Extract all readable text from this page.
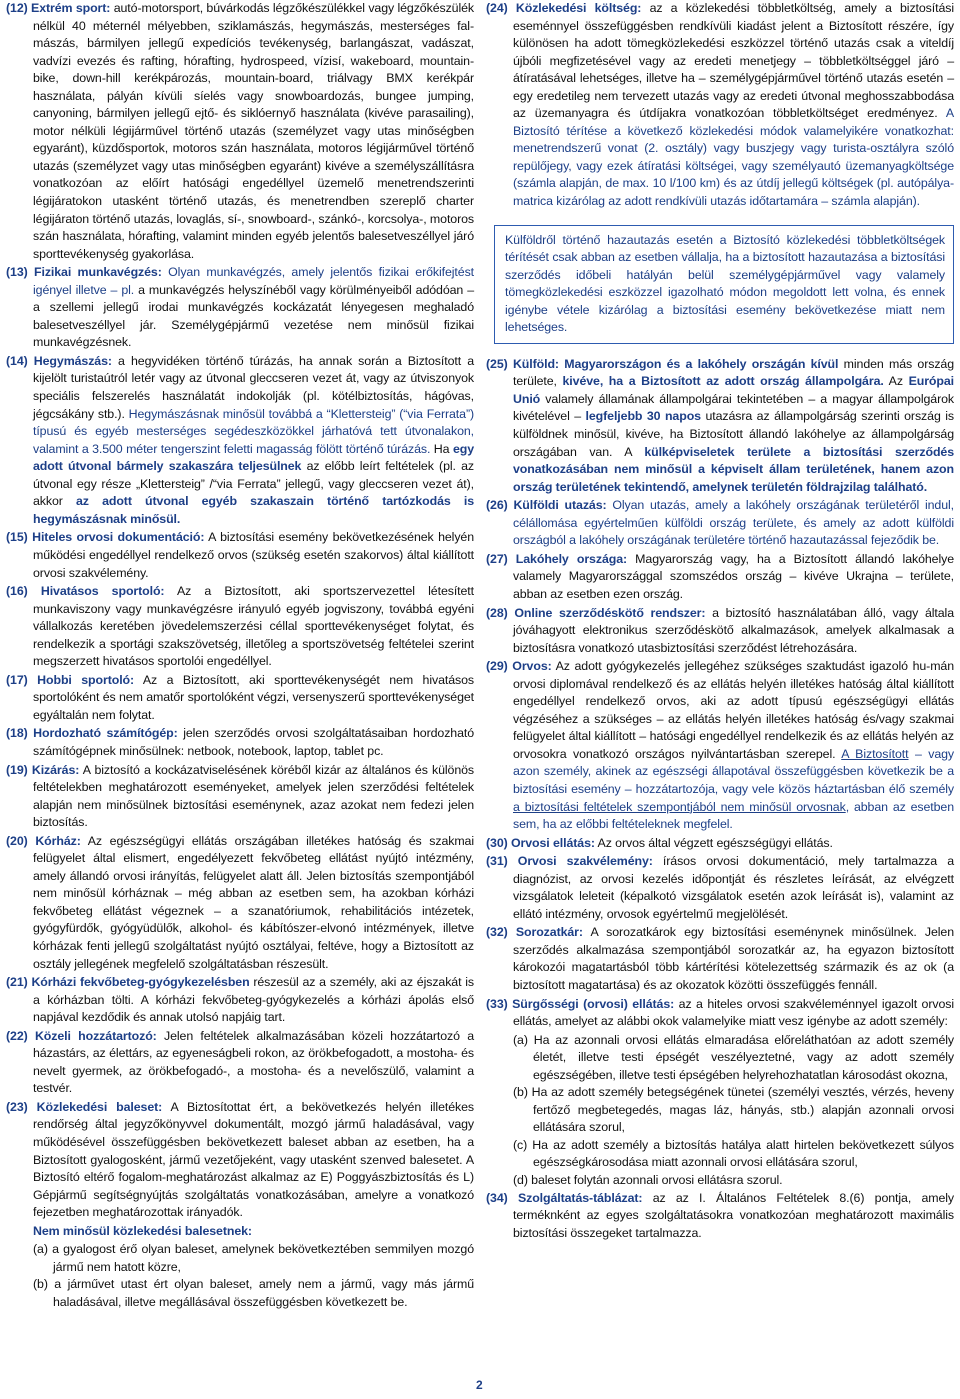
(12) Extrém sport: autó-motorsport, búvárkodás légzőkészülékkel vagy légzőkészülék nélkül 40 méternél mélyebben, sziklamászás, hegymászás, mesterséges fal-mászás, bármilyen jellegű expedíciós tevékenység, barlangászat, vadászat, vadvízi evezés és rafting, hórafting, hydrospeed, vízisí, wakeboard, mountain-bike, down-hill kerékpározás, mountain-board, triálvagy BMX kerékpár használata, pályán kívüli síelés vagy snowboardozás, bungee jumping, canyoning, bármilyen jellegű ejtő- és siklóernyő használata (kivéve parasailing), motor nélküli légijárművel történő utazás (személyzet vagy utas minőségben egyaránt), küzdősportok, motoros szán használata, motoros légijárművel történő utazás (személyzet vagy utas minőségben egyaránt) kivéve a személyszállításra vonatkozóan az előírt hatósági engedéllyel üzemelő menetrendszerinti légijáratokon utasként történő utazás, és menetrendben szereplő charter légijáraton történő utazás, lovaglás, sí-, snowboard-, szánkó-, korcsolya-, motoros szán használata, hórafting, valamint minden egyéb jelentős balesetveszéllyel járó sporttevékenység gyakorlása.

(13) Fizikai munkavégzés: Olyan munkavégzés, amely jelentős fizikai erőkifejtést igényel illetve – pl. a munkavégzés helyszínéből vagy körülményeiből adódóan – a szellemi jellegű irodai munkavégzés kockázatát lényegesen meghaladó balesetveszéllyel jár. Személygépjármű vezetése nem minősül fizikai munkavégzésnek.

(14) Hegymászás: a hegyvidéken történő túrázás, ha annak során a Biztosított a kijelölt turistaútról letér vagy az útvonal gleccseren vezet át, vagy az útviszonyok speciális felszerelés használatát indokolják (pl. kötélbiztosítás, hágóvas, jégcsákány stb.). Hegymászásnak minősül továbbá a “Klettersteig” (“via Ferrata”) típusú és egyéb mesterséges segédeszközökkel járhatóvá tett útvonalakon, valamint a 3.500 méter tengerszint feletti magasság fölött történő túrázás. Ha egy adott útvonal bármely szakaszára teljesülnek az előbb leírt feltételek (pl. az útvonal egy része „Klettersteig” /“via Ferrata” jellegű, vagy gleccseren vezet át), akkor az adott útvonal egyéb szakaszain történő tartózkodás is hegymászásnak minősül.

(15) Hiteles orvosi dokumentáció: A biztosítási esemény bekövetkezésének helyén működési engedéllyel rendelkező orvos (szükség esetén szakorvos) által kiállított orvosi szakvélemény.

(16) Hivatásos sportoló: Az a Biztosított, aki sportszervezettel létesített munkaviszony vagy munkavégzésre irányuló egyéb jogviszony, továbbá egyéni vállalkozás keretében jövedelemszerzési céllal sporttevékenységet folytat, és rendelkezik a sportági szakszövetség, illetőleg a sportszövetség feltételei szerint megszerzett hivatásos sportolói engedéllyel.

(17) Hobbi sportoló: Az a Biztosított, aki sporttevékenységét nem hivatásos sportolóként és nem amatőr sportolóként végzi, versenyszerű sporttevékenységet egyáltalán nem folytat.

(18) Hordozható számítógép: jelen szerződés orvosi szolgáltatásaiban hordozható számítógépnek minősülnek: netbook, notebook, laptop, tablet pc.

(19) Kizárás: A biztosító a kockázatviselésének köréből kizár az általános és különös feltételekben meghatározott eseményeket, amelyek jelen szerződési feltételek alapján nem minősülnek biztosítási eseménynek, azaz azokat nem fedezi jelen biztosítás.

(20) Kórház: Az egészségügyi ellátás országában illetékes hatóság és szakmai felügyelet által elismert, engedélyezett fekvőbeteg ellátást nyújtó intézmény, amely állandó orvosi irányítás, felügyelet alatt áll. Jelen biztosítás szempontjából nem minősül kórháznak – még abban az esetben sem, ha azokban kórházi fekvőbeteg ellátást végeznek – a szanatóriumok, rehabilitációs intézetek, gyógyfürdők, gyógyüdülők, alkohol- és kábítószer-elvonó intézmények, illetve kórházak fenti jellegű szolgáltatást nyújtó osztályai, feltéve, hogy a Biztosított az osztály jellegének megfelelő szolgáltatásban részesült.

(21) Kórházi fekvőbeteg-gyógykezelésben részesül az a személy, aki az éjszakát is a kórházban tölti. A kórházi fekvőbeteg-gyógykezelés a kórházi ápolás első napjával kezdődik és annak utolsó napjáig tart.

(22) Közeli hozzátartozó: Jelen feltételek alkalmazásában közeli hozzátartozó a házastárs, az élettárs, az egyeneságbeli rokon, az örökbefogadott, a mostoha- és nevelt gyermek, az örökbefogadó-, a mostoha- és a nevelőszülő, valamint a testvér.

(23) Közlekedési baleset: A Biztosítottat ért, a bekövetkezés helyén illetékes rendőrség által jegyzőkönyvvel dokumentált, mozgó jármű haladásával, vagy működésével összefüggésben bekövetkezett baleset abban az esetben, ha a Biztosított gyalogosként, jármű vezetőjeként, vagy utasként szenved balesetet. A Biztosító eltérő fogalom-meghatározást alkalmaz az E) Poggyászbiztosítás és L) Gépjármű segítségnyújtás szolgáltatás vonatkozásában, amelyre a vonatkozó fejezetben meghatározottak irányadók.

Nem minősül közlekedési balesetnek:

(a) a gyalogost érő olyan baleset, amelynek bekövetkeztében semmilyen mozgó jármű nem hatott közre,

(b) a járművet utast ért olyan baleset, amely nem a jármű, vagy más jármű haladásával, illetve megállásával összefüggésben következett be.

(24) Közlekedési költség: az a közlekedési többletköltség, amely a biztosítási eseménnyel összefüggésben rendkívüli kiadást jelent a Biztosított részére, így különösen ha adott tömegközlekedési eszközzel történő utazás csak a viteldíj újbóli megfizetésével vagy az eredeti menetjegy – többletköltséggel járó – átíratásával lehetséges, illetve ha – személygépjárművel történő utazás esetén – egy eredetileg nem tervezett utazás vagy az eredeti útvonal meghosszabbodása az üzemanyagra és útdíjakra vonatkozóan többletköltséget eredményez. A Biztosító térítése a következő közlekedési módok valamelyikére vonatkozhat: menetrendszerű vonat (2. osztály) vagy buszjegy vagy turista-osztályra szóló repülőjegy, vagy ezek átíratási költségei, vagy személyautó üzemanyagköltsége (számla alapján, de max. 10 l/100 km) és az útdíj jellegű költségek (pl. autópálya-matrica kizárólag az adott rendkívüli utazás időtartamára – számla alapján).

Külföldről történő hazautazás esetén a Biztosító közlekedési többletköltségek térítését csak abban az esetben vállalja, ha a biztosított hazautazása a biztosítási szerződés időbeli hatályán belül személygépjárművel vagy valamely tömegközlekedési eszközzel igazolható módon megoldott lett volna, és ennek igénybe vétele kizárólag a biztosítási esemény bekövetkezése miatt nem lehetséges.

(25) Külföld: Magyarországon és a lakóhely országán kívül minden más ország területe, kivéve, ha a Biztosított az adott ország állampolgára. Az Európai Unió valamely államának állampolgárai tekintetében – a magyar állampolgárok kivételével – legfeljebb 30 napos utazásra az állampolgárság szerinti ország is külföldnek minősül, kivéve, ha Biztosított állandó lakóhelye az állampolgárság országában van. A külképviseletek területe a biztosítási szerződés vonatkozásában nem minősül a képviselt állam területének, hanem azon ország területének tekintendő, amelynek területén földrajzilag található.

(26) Külföldi utazás: Olyan utazás, amely a lakóhely országának területéről indul, célállomása egyértelműen külföldi ország területe, és amely az adott külföldi országból a lakóhely országának területére történő hazautazással fejeződik be.

(27) Lakóhely országa: Magyarország vagy, ha a Biztosított állandó lakóhelye valamely Magyarországgal szomszédos ország – kivéve Ukrajna – területe, abban az esetben ezen ország.

(28) Online szerződéskötő rendszer: a biztosító használatában álló, vagy általa jóváhagyott elektronikus szerződéskötő alkalmazások, amelyek alkalmasak a biztosításra vonatkozó utasbiztosítási szerződést létrehozására.

(29) Orvos: Az adott gyógykezelés jellegéhez szükséges szaktudást igazoló hu-mán orvosi diplomával rendelkező és az ellátás helyén illetékes hatóság által kiállított engedéllyel rendelkező orvos, aki az adott típusú egészségügyi ellátás végzéséhez a szükséges – az ellátás helyén illetékes hatóság és/vagy szakmai felügyelet által kiállított – hatósági engedéllyel rendelkezik és az ellátás helyén az orvosokra vonatkozó országos nyilvántartásban szerepel. A Biztosított – vagy azon személy, akinek az egészségi állapotával összefüggésben következik be a biztosítási esemény – hozzátartozója, vagy vele közös háztartásban élő személy a biztosítási feltételek szempontjából nem minősül orvosnak, abban az esetben sem, ha az előbbi feltételeknek megfelel.

(30) Orvosi ellátás: Az orvos által végzett egészségügyi ellátás.

(31) Orvosi szakvélemény: írásos orvosi dokumentáció, mely tartalmazza a diagnózist, az orvosi kezelés időpontját és részletes leírását, az elvégzett vizsgálatok leleteit (képalkotó vizsgálatok esetén azok leírását is), valamint az ellátó intézmény, orvosok egyértelmű megjelölését.

(32) Sorozatkár: A sorozatkárok egy biztosítási eseménynek minősülnek. Jelen szerződés alkalmazása szempontjából sorozatkár az, ha egyazon biztosított károkozói magatartásból több kártérítési kötelezettség származik és az ok (a biztosított magatartása) és az okozatok közötti összefüggés fennáll.

(33) Sürgősségi (orvosi) ellátás: az a hiteles orvosi szakvéleménnyel igazolt orvosi ellátás, amelyet az alábbi okok valamelyike miatt vesz igénybe az adott személy:

(a) Ha az azonnali orvosi ellátás elmaradása előreláthatóan az adott személy életét, illetve testi épségét veszélyeztetné, vagy az adott személy egészségében, illetve testi épségében helyrehozhatatlan károsodást okozna,

(b) Ha az adott személy betegségének tünetei (személyi vesztés, vérzés, heveny fertőző megbetegedés, magas láz, hányás, stb.) alapján azonnali orvosi ellátására szorul,

(c) Ha az adott személy a biztosítás hatálya alatt hirtelen bekövetkezett súlyos egészségkárosodása miatt azonnali orvosi ellátására szorul,

(d) baleset folytán azonnali orvosi ellátásra szorul.

(34) Szolgáltatás-táblázat: az az I. Általános Feltételek 8.(6) pontja, amely terméknként az egyes szolgáltatásokra vonatkozóan meghatározott maximális biztosítási összegeket tartalmazza.

2
